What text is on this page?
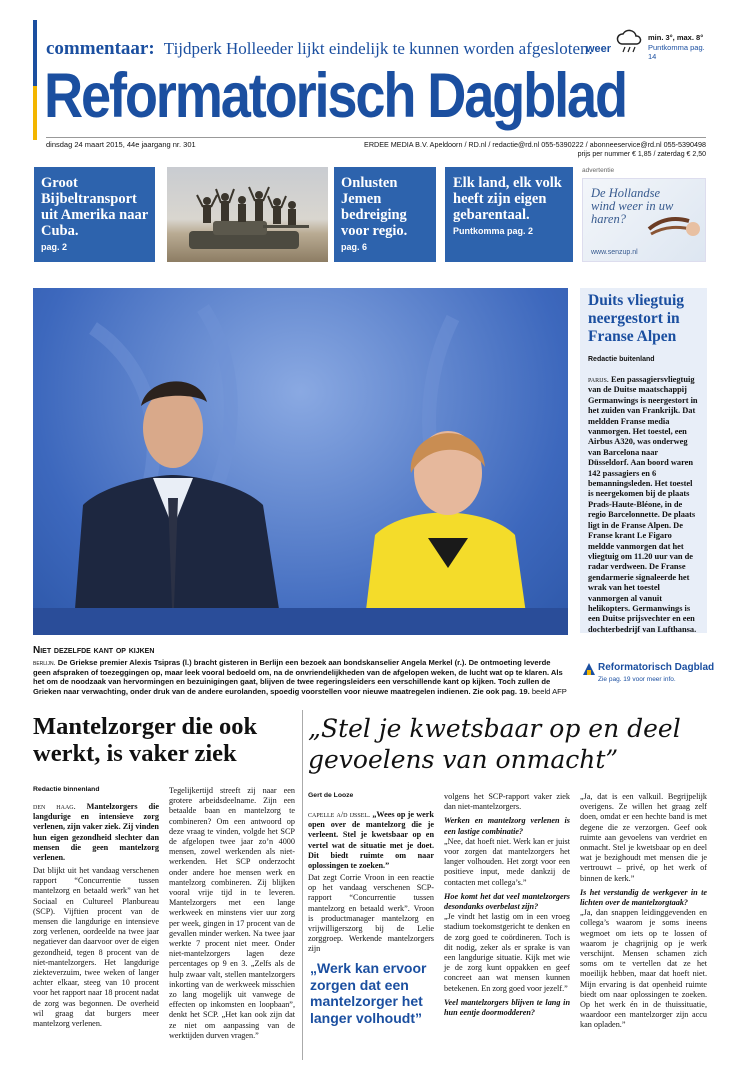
commentaar: Tijdperk Holleeder lijkt eindelijk te kunnen worden afgesloten.
weer
min. 3°, max. 8°
Puntkomma pag. 14
Reformatorisch Dagblad
dinsdag 24 maart 2015, 44e jaargang nr. 301	ERDEE MEDIA B.V. Apeldoorn / RD.nl / redactie@rd.nl 055-5390222 / abonneeservice@rd.nl 055-5390498
prijs per nummer € 1,85 / zaterdag € 2,50
Groot Bijbeltransport uit Amerika naar Cuba.
pag. 2
Onlusten Jemen bedreiging voor regio.
pag. 6
Elk land, elk volk heeft zijn eigen gebarentaal.
Puntkomma pag. 2
advertentie
De Hollandse wind weer in uw haren?
www.senzup.nl
Niet dezelfde kant op kijken
berlijn. De Griekse premier Alexis Tsipras (l.) bracht gisteren in Berlijn een bezoek aan bondskanselier Angela Merkel (r.). De ontmoeting leverde geen afspraken of toezeggingen op, maar leek vooral bedoeld om, na de onvriendelijkheden van de afgelopen weken, de lucht wat op te klaren. Als het om de noodzaak van hervormingen en bezuinigingen gaat, blijven de twee regeringsleiders een verschillende kant op kijken. Toch zullen de Grieken naar verwachting, onder druk van de andere eurolanden, spoedig voorstellen voor nieuwe maatregelen indienen. Zie ook pag. 19. beeld AFP
Duits vliegtuig neergestort in Franse Alpen
Redactie buitenland
parijs. Een passagiersvliegtuig van de Duitse maatschappij Germanwings is neergestort in het zuiden van Frankrijk. Dat meldden Franse media vanmorgen. Het toestel, een Airbus A320, was onderweg van Barcelona naar Düsseldorf. Aan boord waren 142 passagiers en 6 bemanningsleden. Het toestel is neergekomen bij de plaats Prads-Haute-Bléone, in de regio Barcelonnette. De plaats ligt in de Franse Alpen. De Franse krant Le Figaro meldde vanmorgen dat het vliegtuig om 11.20 uur van de radar verdween. De Franse gendarmerie signaleerde het wrak van het toestel vanmorgen al vanuit helikopters. Germanwings is een Duitse prijsvechter en een dochterbedrijf van Lufthansa.
Reformatorisch Dagblad
Zie pag. 19 voor meer info.
Mantelzorger die ook werkt, is vaker ziek
Redactie binnenland
den haag. Mantelzorgers die langdurige en intensieve zorg verlenen, zijn vaker ziek. Zij vinden hun eigen gezondheid slechter dan mensen die geen mantelzorg verlenen.
Dat blijkt uit het vandaag verschenen rapport “Concurrentie tussen mantelzorg en betaald werk” van het Sociaal en Cultureel Planbureau (SCP). Vijftien procent van de mensen die langdurige en intensieve zorg verlenen, oordeelde na twee jaar negatiever dan daarvoor over de eigen gezondheid, tegen 8 procent van de niet-mantelzorgers. Het langdurige ziekteverzuim, twee weken of langer achter elkaar, steeg van 10 procent voor het rapport naar 18 procent nadat de zorg was begonnen. De overheid wil graag dat burgers meer mantelzorg verlenen.
Tegelijkertijd streeft zij naar een grotere arbeidsdeelname. Zijn een betaalde baan en mantelzorg te combineren? Om een antwoord op deze vraag te vinden, volgde het SCP de afgelopen twee jaar zo’n 4000 mensen, zowel werkenden als niet-werkenden. Het SCP onderzocht onder andere hoe mensen werk en mantelzorg combineren. Zij blijken vooral vrije tijd in te leveren. Mantelzorgers met een lange werkweek en minstens vier uur zorg per week, gingen in 17 procent van de gevallen minder werken. Na twee jaar werkte 7 procent niet meer. Onder niet-mantelzorgers lagen deze percentages op 9 en 3. „Zelfs als de hulp zwaar valt, stellen mantelzorgers inkorting van de werkweek misschien zo lang mogelijk uit vanwege de effecten op inkomsten en loopbaan”, denkt het SCP. „Het kan ook zijn dat ze niet om aanpassing van de werktijden durven vragen.”
„Stel je kwetsbaar op en deel gevoelens van onmacht”
Gert de Looze
capelle a/d ijssel. „Wees op je werk open over de mantelzorg die je verleent. Stel je kwetsbaar op en vertel wat de situatie met je doet. Dit biedt ruimte om naar oplossingen te zoeken.”
Dat zegt Corrie Vroon in een reactie op het vandaag verschenen SCP-rapport “Concurrentie tussen mantelzorg en betaald werk”. Vroon is productmanager mantelzorg en vrijwilligerszorg bij de Lelie zorggroep. Werkende mantelzorgers zijn
„Werk kan ervoor zorgen dat een mantelzorger het langer volhoudt”
volgens het SCP-rapport vaker ziek dan niet-mantelzorgers.
Werken en mantelzorg verlenen is een lastige combinatie?
„Nee, dat hoeft niet. Werk kan er juist voor zorgen dat mantelzorgers het langer volhouden. Het zorgt voor een positieve input, mede dankzij de contacten met collega’s.”
Hoe komt het dat veel mantelzorgers desondanks overbelast zijn?
„Je vindt het lastig om in een vroeg stadium toekomstgericht te denken en de zorg goed te coördineren. Toch is dit nodig, zeker als er sprake is van een langdurige situatie. Kijk met wie je de zorg kunt oppakken en geef concreet aan wat mensen kunnen betekenen. En zorg goed voor jezelf.”
Veel mantelzorgers blijven te lang in hun eentje doormodderen?
„Ja, dat is een valkuil. Begrijpelijk overigens. Ze willen het graag zelf doen, omdat er een hechte band is met degene die ze verzorgen. Geef ook ruimte aan gevoelens van verdriet en onmacht. Stel je kwetsbaar op en deel wat je bezighoudt met mensen die je vertrouwt – privé, op het werk of binnen de kerk.”
Is het verstandig de werkgever in te lichten over de mantelzorgtaak?
„Ja, dan snappen leidinggevenden en collega’s waarom je soms ineens wegmoet om iets op te lossen of waarom je chagrijnig op je werk verschijnt. Mensen schamen zich soms om te vertellen dat ze het moeilijk hebben, maar dat hoeft niet. Mijn ervaring is dat openheid ruimte biedt om naar oplossingen te zoeken. Op het werk én in de thuissituatie, waardoor een mantelzorger zijn accu kan opladen.”
